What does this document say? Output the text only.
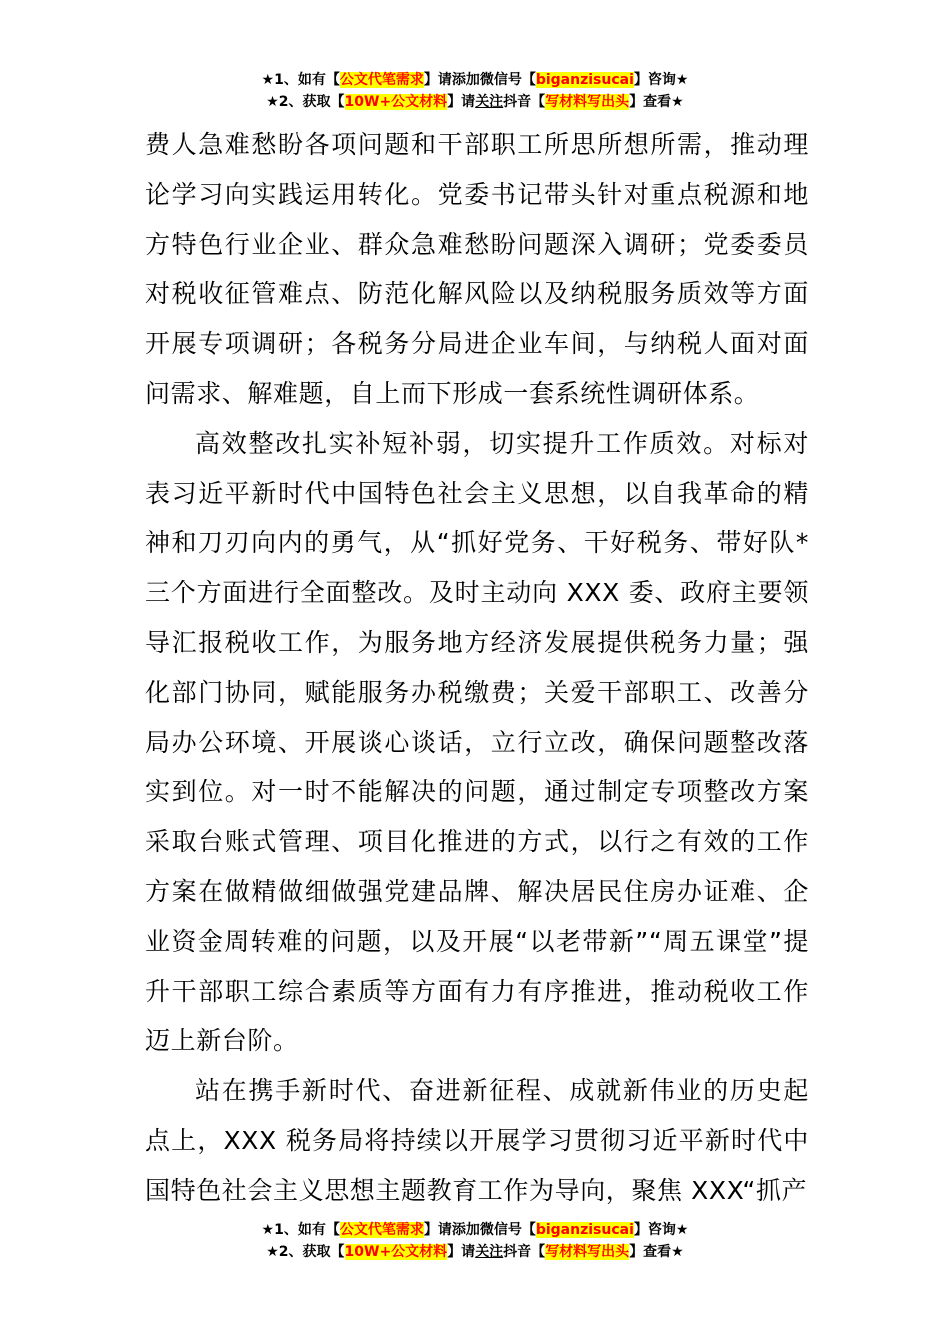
★1、如有【公文代笔需求】请添加微信号【biganzisucai】咨询★
★2、获取【10W+公文材料】请关注抖音【写材料写出头】查看★

费人急难愁盼各项问题和干部职工所思所想所需，推动理论学习向实践运用转化。党委书记带头针对重点税源和地方特色行业企业、群众急难愁盼问题深入调研；党委委员对税收征管难点、防范化解风险以及纳税服务质效等方面开展专项调研；各税务分局进企业车间，与纳税人面对面问需求、解难题，自上而下形成一套系统性调研体系。

高效整改扎实补短补弱，切实提升工作质效。对标对表习近平新时代中国特色社会主义思想，以自我革命的精神和刀刃向内的勇气，从“抓好党务、干好税务、带好队*三个方面进行全面整改。及时主动向 XXX 委、政府主要领导汇报税收工作，为服务地方经济发展提供税务力量；强化部门协同，赋能服务办税缴费；关爱干部职工、改善分局办公环境、开展谈心谈话，立行立改，确保问题整改落实到位。对一时不能解决的问题，通过制定专项整改方案采取台账式管理、项目化推进的方式，以行之有效的工作方案在做精做细做强党建品牌、解决居民住房办证难、企业资金周转难的问题，以及开展“以老带新”“周五课堂”提升干部职工综合素质等方面有力有序推进，推动税收工作迈上新台阶。

站在携手新时代、奋进新征程、成就新伟业的历史起点上，XXX 税务局将持续以开展学习贯彻习近平新时代中国特色社会主义思想主题教育工作为导向，聚焦 XXX“抓产

★1、如有【公文代笔需求】请添加微信号【biganzisucai】咨询★
★2、获取【10W+公文材料】请关注抖音【写材料写出头】查看★
